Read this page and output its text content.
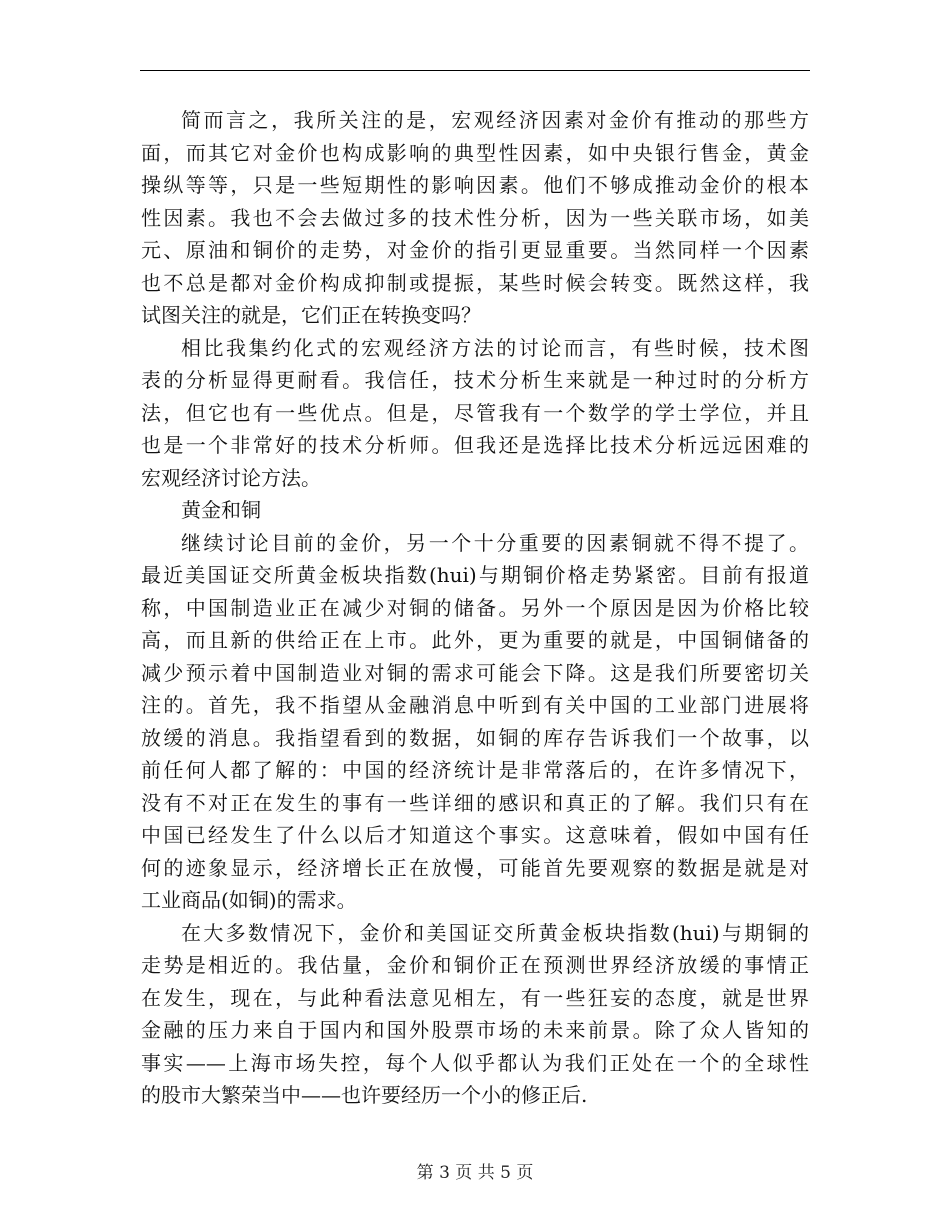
简而言之，我所关注的是，宏观经济因素对金价有推动的那些方
面，而其它对金价也构成影响的典型性因素，如中央银行售金，黄金
操纵等等，只是一些短期性的影响因素。他们不够成推动金价的根本
性因素。我也不会去做过多的技术性分析，因为一些关联市场，如美
元、原油和铜价的走势，对金价的指引更显重要。当然同样一个因素
也不总是都对金价构成抑制或提振，某些时候会转变。既然这样，我
试图关注的就是，它们正在转换变吗？

相比我集约化式的宏观经济方法的讨论而言，有些时候，技术图
表的分析显得更耐看。我信任，技术分析生来就是一种过时的分析方
法，但它也有一些优点。但是，尽管我有一个数学的学士学位，并且
也是一个非常好的技术分析师。但我还是选择比技术分析远远困难的
宏观经济讨论方法。

黄金和铜

继续讨论目前的金价，另一个十分重要的因素铜就不得不提了。
最近美国证交所黄金板块指数(hui)与期铜价格走势紧密。目前有报道
称，中国制造业正在减少对铜的储备。另外一个原因是因为价格比较
高，而且新的供给正在上市。此外，更为重要的就是，中国铜储备的
减少预示着中国制造业对铜的需求可能会下降。这是我们所要密切关
注的。首先，我不指望从金融消息中听到有关中国的工业部门进展将
放缓的消息。我指望看到的数据，如铜的库存告诉我们一个故事，以
前任何人都了解的：中国的经济统计是非常落后的，在许多情况下，
没有不对正在发生的事有一些详细的感识和真正的了解。我们只有在
中国已经发生了什么以后才知道这个事实。这意味着，假如中国有任
何的迹象显示，经济增长正在放慢，可能首先要观察的数据是就是对
工业商品(如铜)的需求。

在大多数情况下，金价和美国证交所黄金板块指数(hui)与期铜的
走势是相近的。我估量，金价和铜价正在预测世界经济放缓的事情正
在发生，现在，与此种看法意见相左，有一些狂妄的态度，就是世界
金融的压力来自于国内和国外股票市场的未来前景。除了众人皆知的
事实——上海市场失控，每个人似乎都认为我们正处在一个的全球性
的股市大繁荣当中——也许要经历一个小的修正后.

第 3 页 共 5 页
